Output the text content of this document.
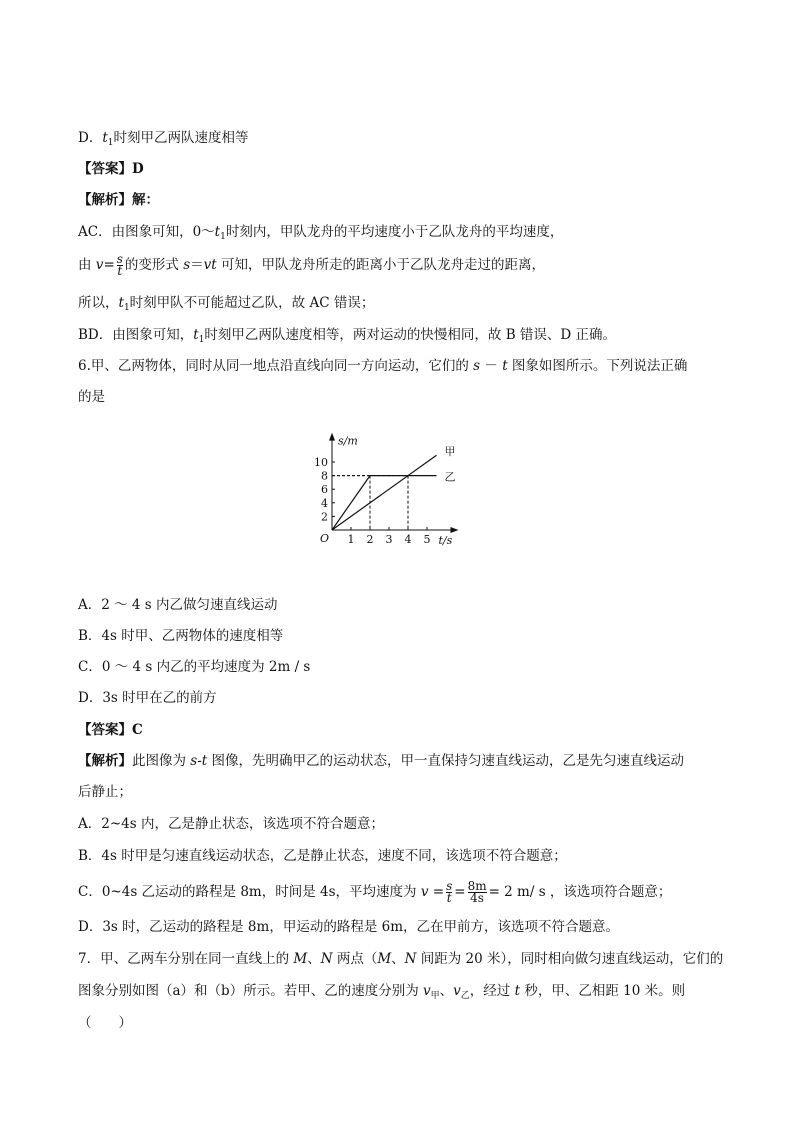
D．$t_1$时刻甲乙两队速度相等
【答案】D
【解析】解：
AC．由图象可知，$0\sim t_1$时刻内，甲队龙舟的平均速度小于乙队龙舟的平均速度，
由 $v= \frac{s}{t}$ 的变形式 s＝vt 可知，甲队龙舟所走的距离小于乙队龙舟走过的距离，
所以，$t_1$时刻甲队不可能超过乙队，故 AC 错误；
BD．由图象可知，$t_1$时刻甲乙两队速度相等，两对运动的快慢相同，故 B 错误、D 正确。
6.甲、乙两物体，同时从同一地点沿直线向同一方向运动，它们的 s － t 图象如图所示。下列说法正确
的是
s/m
t/s
O 1 2 3 4 5
2
4
6
8
10
甲
乙
A．2 ～ 4 s 内乙做匀速直线运动
B．4s 时甲、乙两物体的速度相等
C．0 ～ 4 s 内乙的平均速度为 2m / s
D．3s 时甲在乙的前方
【答案】C
【解析】此图像为 s-t 图像，先明确甲乙的运动状态，甲一直保持匀速直线运动，乙是先匀速直线运动
后静止；
A．2~4s 内，乙是静止状态，该选项不符合题意；
B．4s 时甲是匀速直线运动状态，乙是静止状态，速度不同，该选项不符合题意；
C．0~4s 乙运动的路程是 8m，时间是 4s，平均速度为 $v = \frac{s}{t} = \frac{8m}{4s} = 2$ m/ s ，该选项符合题意；
D．3s 时，乙运动的路程是 8m，甲运动的路程是 6m，乙在甲前方，该选项不符合题意。
7．甲、乙两车分别在同一直线上的 M、N 两点（M、N 间距为 20 米），同时相向做匀速直线运动，它们的
图象分别如图（a）和（b）所示。若甲、乙的速度分别为 $v_甲$、$v_乙$，经过 t 秒，甲、乙相距 10 米。则
（　　）
